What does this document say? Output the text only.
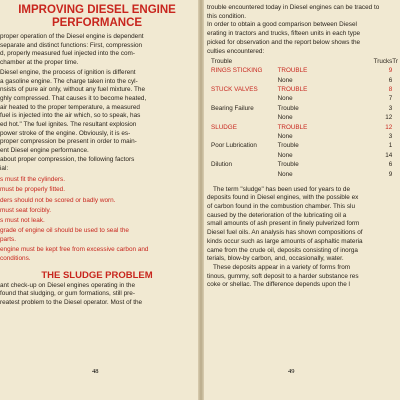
IMPROVING DIESEL ENGINE
PERFORMANCE
proper operation of the Diesel engine is dependent
separate and distinct functions: First, compression
d, properly measured fuel injected into the com-
chamber at the proper time.
Diesel engine, the process of ignition is different
a gasoline engine. The charge taken into the cyl-
nsists of pure air only, without any fuel mixture. The
ghly compressed. That causes it to become heated,
air heated to the proper temperature, a measured
fuel is injected into the air which, so to speak, has
ed hot." The fuel ignites. The resultant explosion
power stroke of the engine. Obviously, it is es-
proper compression be present in order to main-
ent Diesel engine performance.
about proper compression, the following factors
ial:
s must fit the cylinders.
must be properly fitted.
ders should not be scored or badly worn.
must seat forcibly.
s must not leak.
grade of engine oil should be used to seal the
parts.
engine must be kept free from excessive carbon and
conditions.
THE SLUDGE PROBLEM
ant check-up on Diesel engines operating in the
found that sludging, or gum formations, still pre-
reatest problem to the Diesel operator. Most of the
48
trouble encountered today in Diesel engines can be traced to
this condition.
In order to obtain a good comparison between Diesel
erating in tractors and trucks, fifteen units in each type
picked for observation and the report below shows the
culties encountered:
Trouble		Trucks	Tr
RINGS STICKING	TROUBLE	9	
	None	6	
STUCK VALVES	TROUBLE	8	
	None	7	
Bearing Failure	Trouble	3	
	None	12	
SLUDGE	TROUBLE	12	
	None	3	
Poor Lubrication	Trouble	1	
	None	14	
Dilution	Trouble	6	
	None	9	
The term "sludge" has been used for years to de
deposits found in Diesel engines, with the possible ex
of carbon found in the combustion chamber. This slu
caused by the deterioration of the lubricating oil a
small amounts of ash present in finely pulverized form
Diesel fuel oils. An analysis has shown compositions of
kinds occur such as large amounts of asphaltic materia
came from the crude oil, deposits consisting of inorga
terials, blow-by carbon, and, occasionally, water.
These deposits appear in a variety of forms from
tinous, gummy, soft deposit to a harder substance res
coke or shellac. The difference depends upon the l
49
